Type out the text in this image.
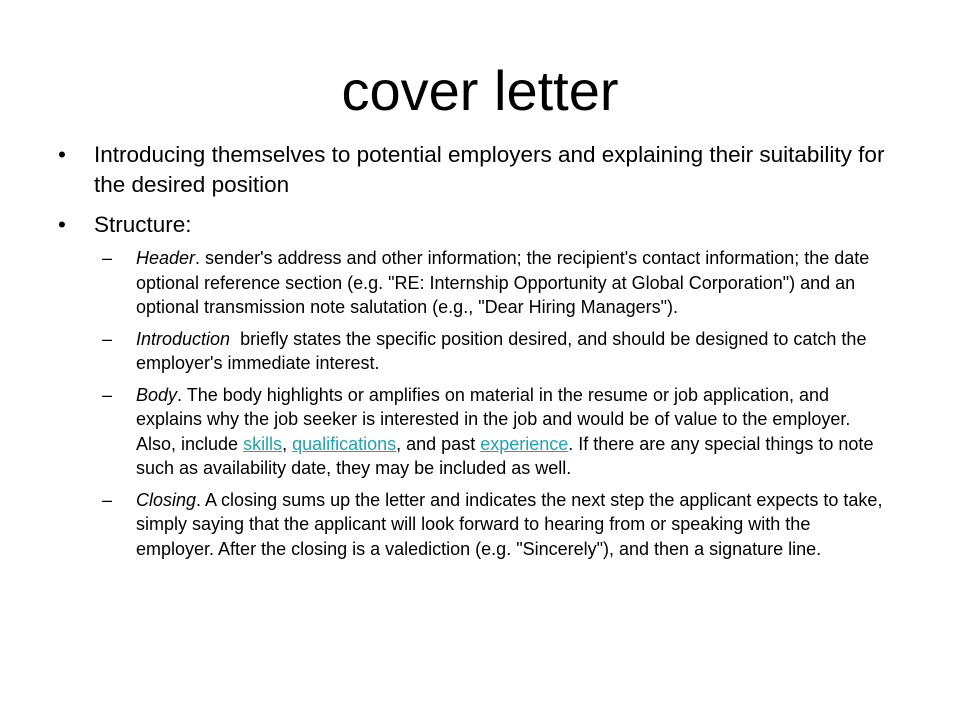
cover letter
•	Introducing themselves to potential employers and explaining their suitability for the desired position
•	Structure:
– Header. sender's address and other information; the recipient's contact information; the date optional reference section (e.g. "RE: Internship Opportunity at Global Corporation") and an optional transmission note salutation (e.g., "Dear Hiring Managers").
– Introduction  briefly states the specific position desired, and should be designed to catch the employer's immediate interest.
– Body. The body highlights or amplifies on material in the resume or job application, and explains why the job seeker is interested in the job and would be of value to the employer. Also, include skills, qualifications, and past experience. If there are any special things to note such as availability date, they may be included as well.
– Closing. A closing sums up the letter and indicates the next step the applicant expects to take, simply saying that the applicant will look forward to hearing from or speaking with the employer. After the closing is a valediction (e.g. "Sincerely"), and then a signature line.
